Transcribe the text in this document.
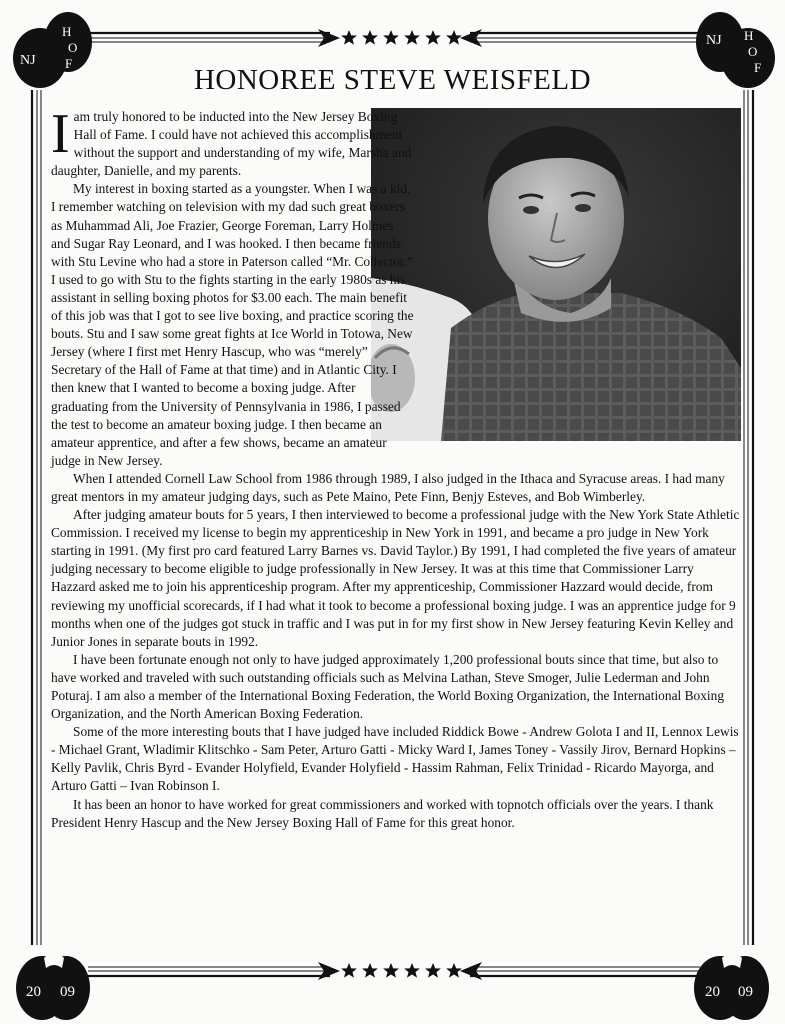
NJ
H
O
F
NJ H
O
F
20 09	20 09
HONOREE STEVE WEISFELD

Iam truly honored to be inducted into the New Jersey Boxing Hall of Fame. I could have not achieved this accomplishment without the support and understanding of my wife, Marsha and daughter, Danielle, and my parents.

My interest in boxing started as a youngster. When I was a kid, I remember watching on television with my dad such great boxers as Muhammad Ali, Joe Frazier, George Foreman, Larry Holmes and Sugar Ray Leonard, and I was hooked. I then became friends with Stu Levine who had a store in Paterson called “Mr. Collector.” I used to go with Stu to the fights starting in the early 1980s as his assistant in selling boxing photos for $3.00 each. The main benefit of this job was that I got to see live boxing, and practice scoring the bouts. Stu and I saw some great fights at Ice World in Totowa, New Jersey (where I first met Henry Hascup, who was “merely” Secretary of the Hall of Fame at that time) and in Atlantic City. I then knew that I wanted to become a boxing judge. After graduating from the University of Pennsylvania in 1986, I passed the test to become an amateur boxing judge. I then became an amateur apprentice, and after a few shows, became an amateur judge in New Jersey.

When I attended Cornell Law School from 1986 through 1989, I also judged in the Ithaca and Syracuse areas. I had many great mentors in my amateur judging days, such as Pete Maino, Pete Finn, Benjy Esteves, and Bob Wimberley.

After judging amateur bouts for 5 years, I then interviewed to become a professional judge with the New York State Athletic Commission. I received my license to begin my apprenticeship in New York in 1991, and became a pro judge in New York starting in 1991. (My first pro card featured Larry Barnes vs. David Taylor.) By 1991, I had completed the five years of amateur judging necessary to become eligible to judge professionally in New Jersey. It was at this time that Commissioner Larry Hazzard asked me to join his apprenticeship program. After my apprenticeship, Commissioner Hazzard would decide, from reviewing my unofficial scorecards, if I had what it took to become a professional boxing judge. I was an apprentice judge for 9 months when one of the judges got stuck in traffic and I was put in for my first show in New Jersey featuring Kevin Kelley and Junior Jones in separate bouts in 1992.

I have been fortunate enough not only to have judged approximately 1,200 professional bouts since that time, but also to have worked and traveled with such outstanding officials such as Melvina Lathan, Steve Smoger, Julie Lederman and John Poturaj. I am also a member of the International Boxing Federation, the World Boxing Organization, the International Boxing Organization, and the North American Boxing Federation.

Some of the more interesting bouts that I have judged have included Riddick Bowe - Andrew Golota I and II, Lennox Lewis - Michael Grant, Wladimir Klitschko - Sam Peter, Arturo Gatti - Micky Ward I, James Toney - Vassily Jirov, Bernard Hopkins – Kelly Pavlik, Chris Byrd - Evander Holyfield, Evander Holyfield - Hassim Rahman, Felix Trinidad - Ricardo Mayorga, and Arturo Gatti – Ivan Robinson I.

It has been an honor to have worked for great commissioners and worked with topnotch officials over the years. I thank President Henry Hascup and the New Jersey Boxing Hall of Fame for this great honor.
